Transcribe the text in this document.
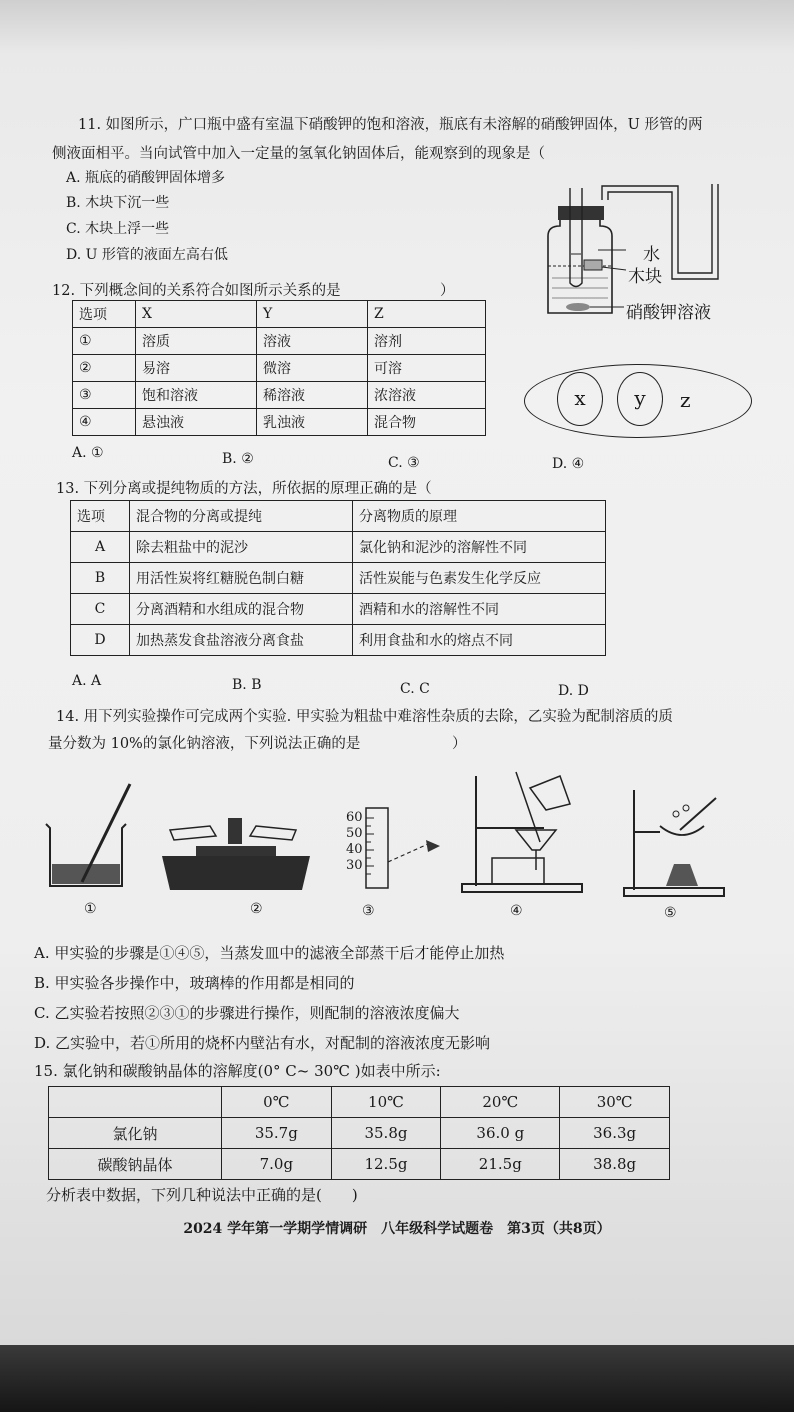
11. 如图所示，广口瓶中盛有室温下硝酸钾的饱和溶液，瓶底有未溶解的硝酸钾固体，U 形管的两
侧液面相平。当向试管中加入一定量的氢氧化钠固体后，能观察到的现象是（
A. 瓶底的硝酸钾固体增多
B. 木块下沉一些
C. 木块上浮一些
D. U 形管的液面左高右低	水
木块
硝酸钾溶液
12. 下列概念间的关系符合如图所示关系的是	）
选项	X	Y	Z
①	溶质	溶液	溶剂
②	易溶	微溶	可溶
③	饱和溶液	稀溶液	浓溶液
④	悬浊液	乳浊液	混合物
x	y	z
A. ①	B. ②	C. ③	D. ④
13. 下列分离或提纯物质的方法，所依据的原理正确的是（
选项	混合物的分离或提纯	分离物质的原理
A	除去粗盐中的泥沙	氯化钠和泥沙的溶解性不同
B	用活性炭将红糖脱色制白糖	活性炭能与色素发生化学反应
C	分离酒精和水组成的混合物	酒精和水的溶解性不同
D	加热蒸发食盐溶液分离食盐	利用食盐和水的熔点不同
A. A	B. B	C. C	D. D
14. 用下列实验操作可完成两个实验. 甲实验为粗盐中难溶性杂质的去除，乙实验为配制溶质的质
量分数为 10%的氯化钠溶液，下列说法正确的是	）
60
50
40
30
①	②	③	④	⑤
A. 甲实验的步骤是①④⑤，当蒸发皿中的滤液全部蒸干后才能停止加热
B. 甲实验各步操作中，玻璃棒的作用都是相同的
C. 乙实验若按照②③①的步骤进行操作，则配制的溶液浓度偏大
D. 乙实验中，若①所用的烧杯内壁沾有水，对配制的溶液浓度无影响
15. 氯化钠和碳酸钠晶体的溶解度(0° C~ 30℃ )如表中所示:
	0℃	10℃	20℃	30℃
氯化钠	35.7g	35.8g	36.0 g	36.3g
碳酸钠晶体	7.0g	12.5g	21.5g	38.8g
分析表中数据，下列几种说法中正确的是(　　)
2024 学年第一学期学情调研　八年级科学试题卷　第3页（共8页）
